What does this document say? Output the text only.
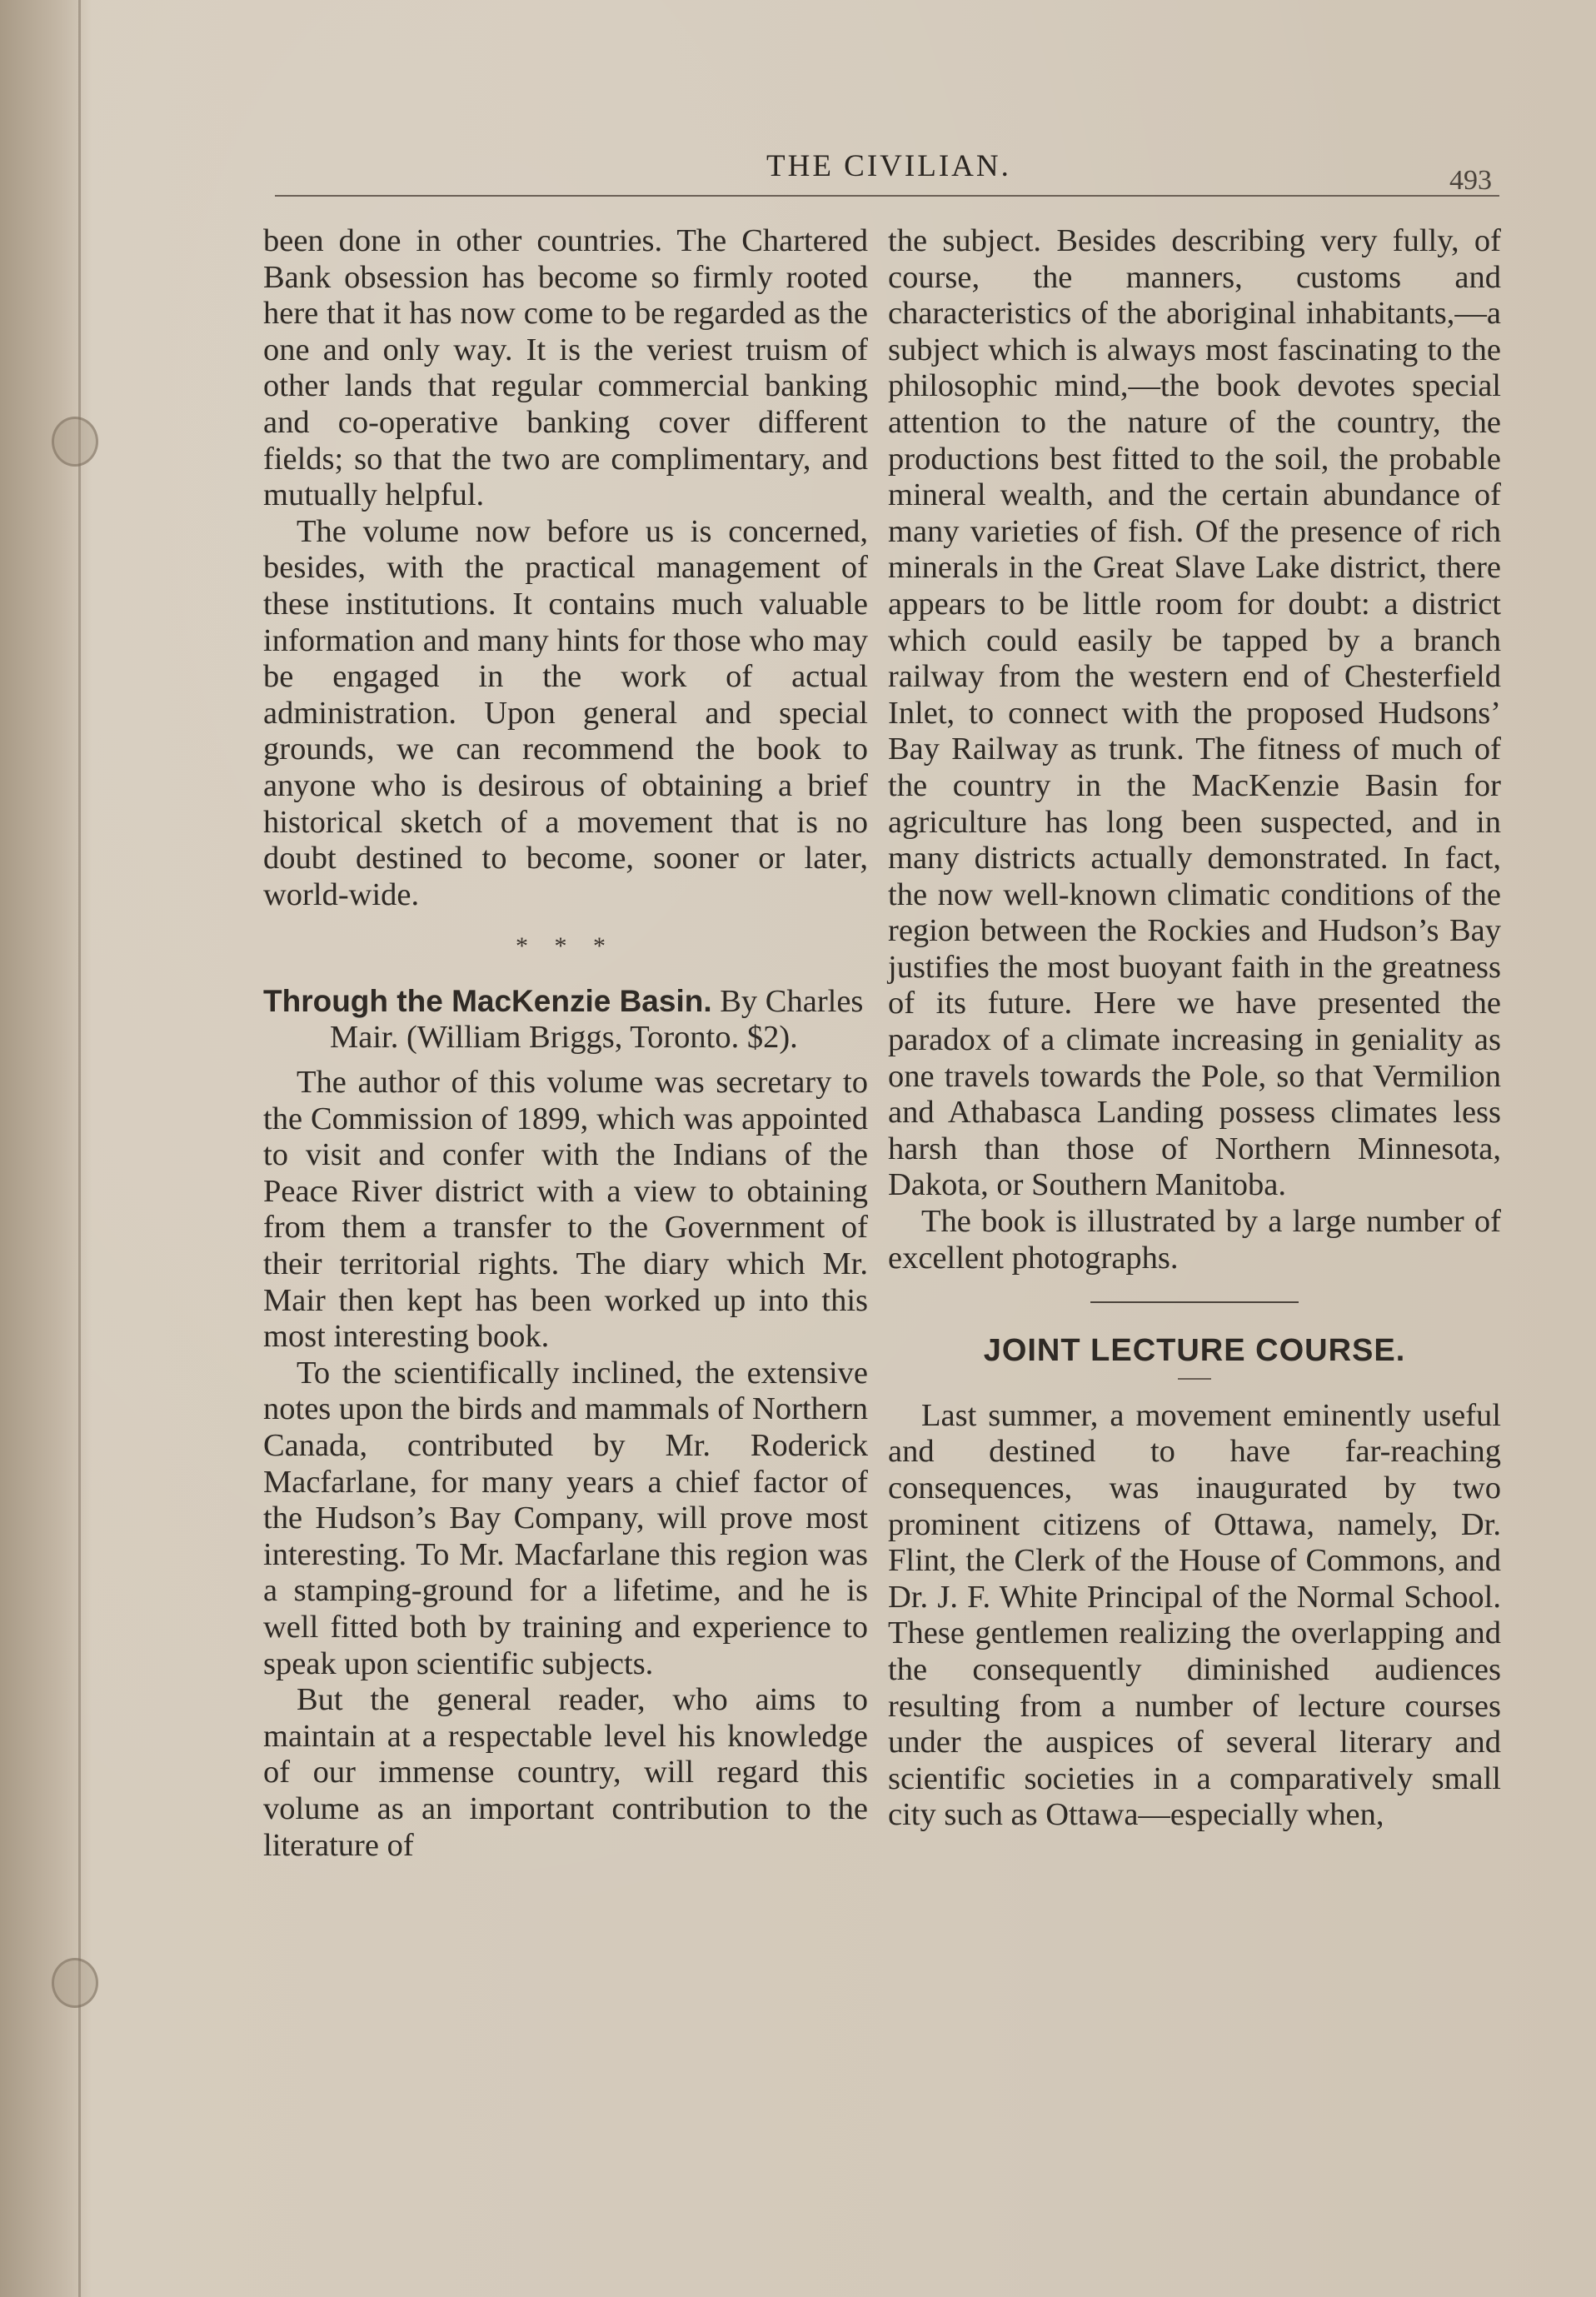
THE CIVILIAN.	493

been done in other countries. The Chartered Bank obsession has become so firmly rooted here that it has now come to be regarded as the one and only way. It is the veriest truism of other lands that regular commercial banking and co-operative banking cover different fields; so that the two are complimentary, and mutually helpful.

The volume now before us is concerned, besides, with the practical management of these institutions. It contains much valuable information and many hints for those who may be engaged in the work of actual administration. Upon general and special grounds, we can recommend the book to anyone who is desirous of obtaining a brief historical sketch of a movement that is no doubt destined to become, sooner or later, world-wide.

* * *

Through the MacKenzie Basin. By Charles Mair. (William Briggs, Toronto. $2).

The author of this volume was secretary to the Commission of 1899, which was appointed to visit and confer with the Indians of the Peace River district with a view to obtaining from them a transfer to the Government of their territorial rights. The diary which Mr. Mair then kept has been worked up into this most interesting book.

To the scientifically inclined, the extensive notes upon the birds and mammals of Northern Canada, contributed by Mr. Roderick Macfarlane, for many years a chief factor of the Hudson’s Bay Company, will prove most interesting. To Mr. Macfarlane this region was a stamping-ground for a lifetime, and he is well fitted both by training and experience to speak upon scientific subjects.

But the general reader, who aims to maintain at a respectable level his knowledge of our immense country, will regard this volume as an important contribution to the literature of

the subject. Besides describing very fully, of course, the manners, customs and characteristics of the aboriginal inhabitants,—a subject which is always most fascinating to the philosophic mind,—the book devotes special attention to the nature of the country, the productions best fitted to the soil, the probable mineral wealth, and the certain abundance of many varieties of fish. Of the presence of rich minerals in the Great Slave Lake district, there appears to be little room for doubt: a district which could easily be tapped by a branch railway from the western end of Chesterfield Inlet, to connect with the proposed Hudsons’ Bay Railway as trunk. The fitness of much of the country in the MacKenzie Basin for agriculture has long been suspected, and in many districts actually demonstrated. In fact, the now well-known climatic conditions of the region between the Rockies and Hudson’s Bay justifies the most buoyant faith in the greatness of its future. Here we have presented the paradox of a climate increasing in geniality as one travels towards the Pole, so that Vermilion and Athabasca Landing possess climates less harsh than those of Northern Minnesota, Dakota, or Southern Manitoba.

The book is illustrated by a large number of excellent photographs.

JOINT LECTURE COURSE.

Last summer, a movement eminently useful and destined to have far-reaching consequences, was inaugurated by two prominent citizens of Ottawa, namely, Dr. Flint, the Clerk of the House of Commons, and Dr. J. F. White Principal of the Normal School. These gentlemen realizing the overlapping and the consequently diminished audiences resulting from a number of lecture courses under the auspices of several literary and scientific societies in a comparatively small city such as Ottawa—especially when,
